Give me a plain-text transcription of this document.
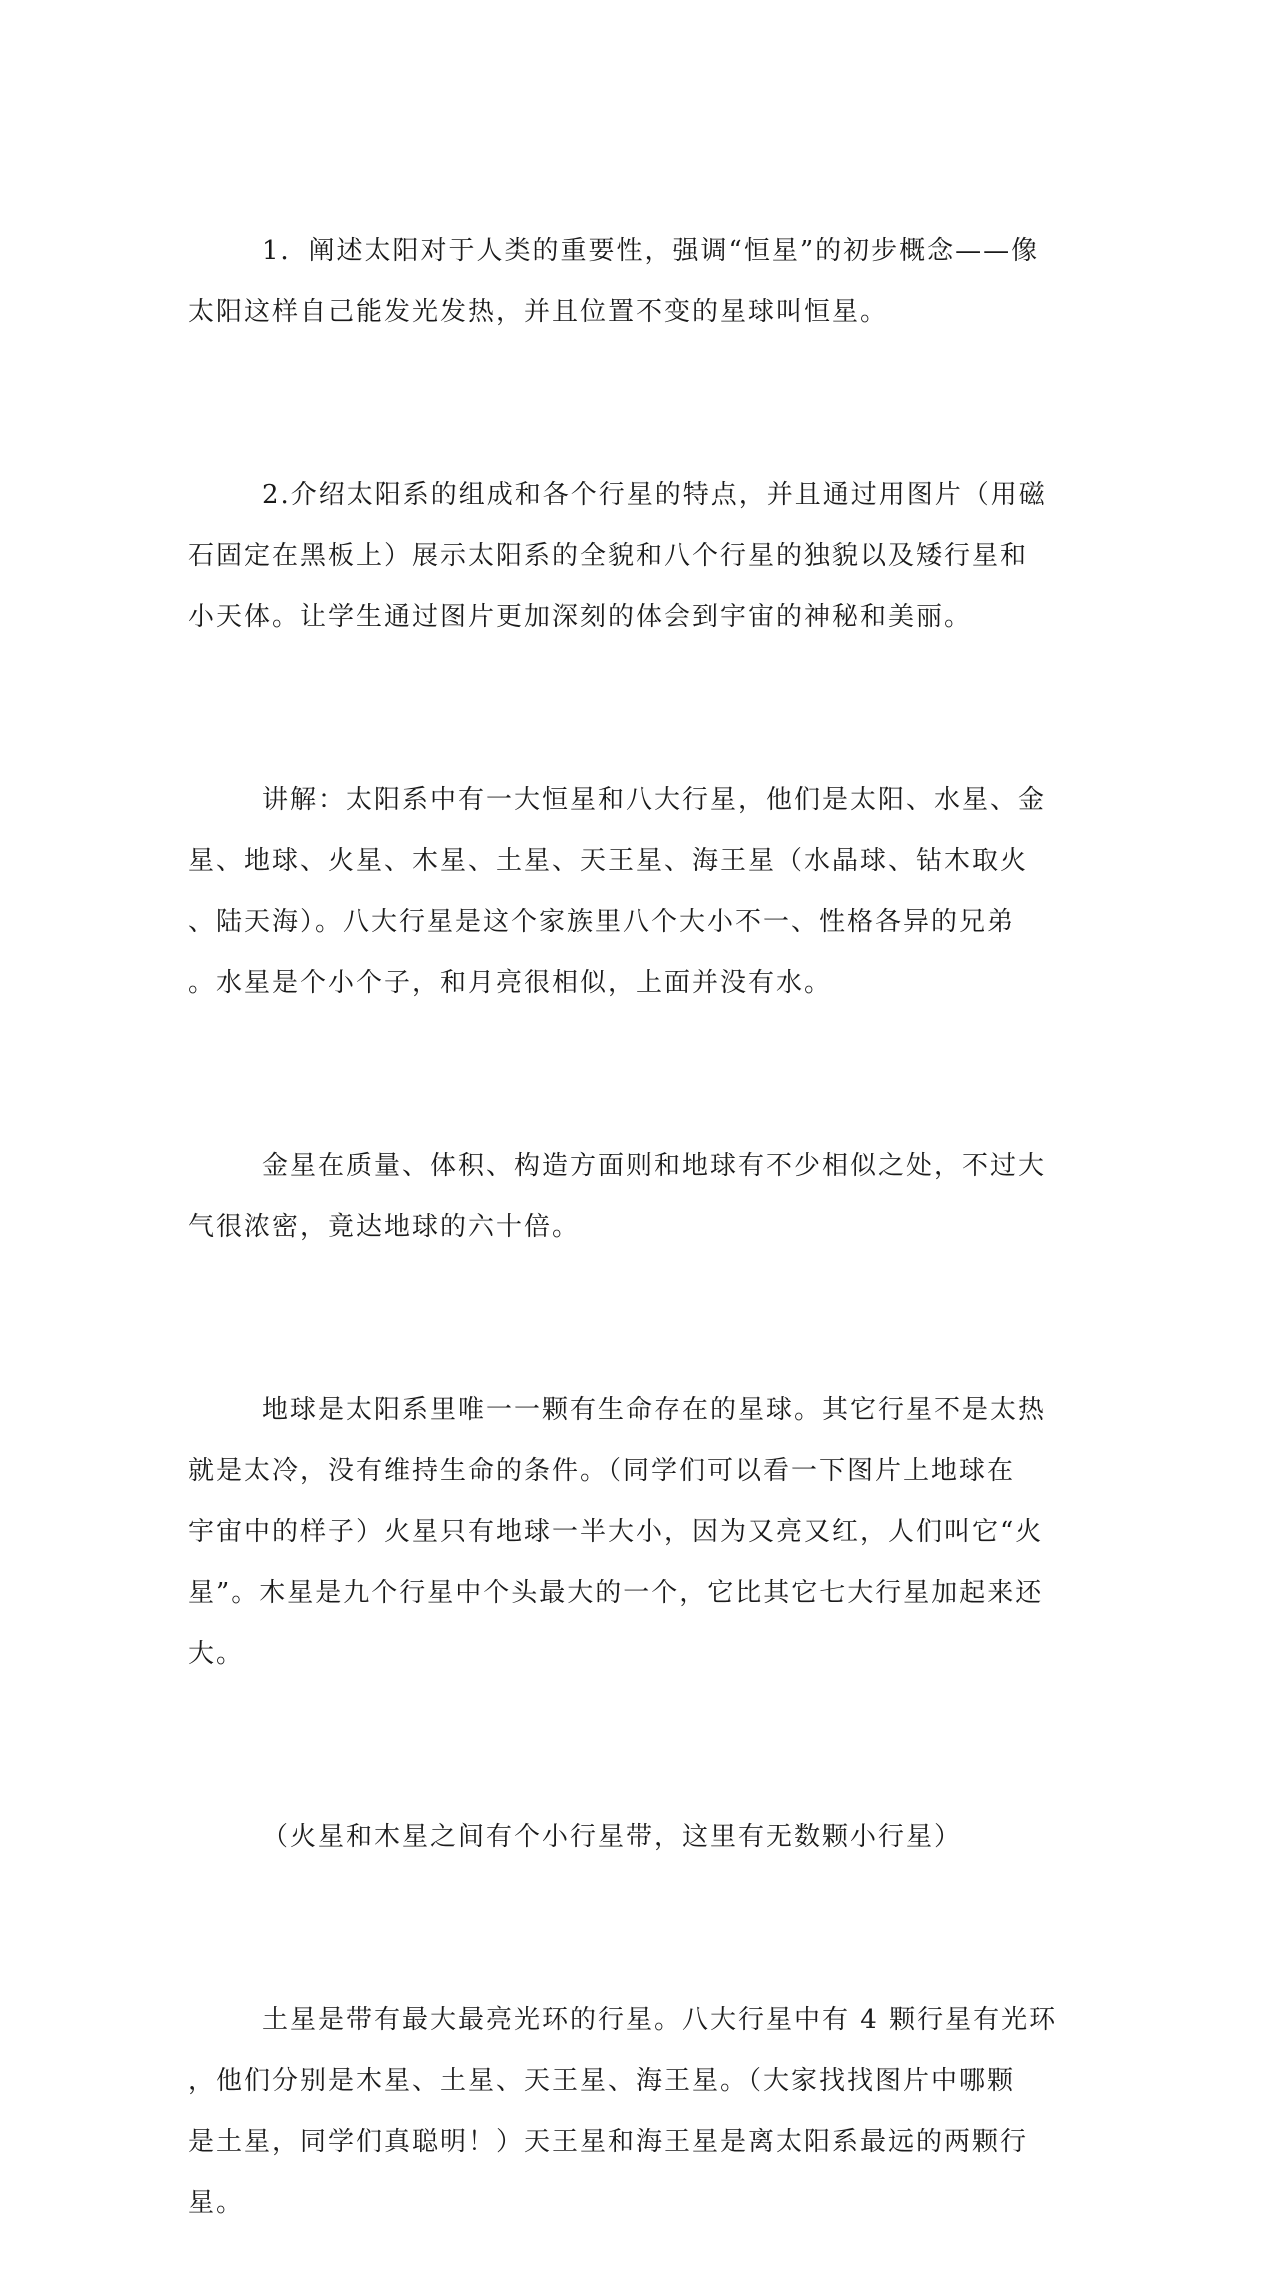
1．阐述太阳对于人类的重要性，强调“恒星”的初步概念——像
太阳这样自己能发光发热，并且位置不变的星球叫恒星。

2.介绍太阳系的组成和各个行星的特点，并且通过用图片（用磁
石固定在黑板上）展示太阳系的全貌和八个行星的独貌以及矮行星和
小天体。让学生通过图片更加深刻的体会到宇宙的神秘和美丽。

讲解：太阳系中有一大恒星和八大行星，他们是太阳、水星、金
星、地球、火星、木星、土星、天王星、海王星（水晶球、钻木取火
、陆天海）。八大行星是这个家族里八个大小不一、性格各异的兄弟
。水星是个小个子，和月亮很相似，上面并没有水。

金星在质量、体积、构造方面则和地球有不少相似之处，不过大
气很浓密，竟达地球的六十倍。

地球是太阳系里唯一一颗有生命存在的星球。其它行星不是太热
就是太冷，没有维持生命的条件。（同学们可以看一下图片上地球在
宇宙中的样子）火星只有地球一半大小，因为又亮又红，人们叫它“火
星”。木星是九个行星中个头最大的一个，它比其它七大行星加起来还
大。

（火星和木星之间有个小行星带，这里有无数颗小行星）

土星是带有最大最亮光环的行星。八大行星中有 4 颗行星有光环
，他们分别是木星、土星、天王星、海王星。（大家找找图片中哪颗
是土星，同学们真聪明！）天王星和海王星是离太阳系最远的两颗行
星。
